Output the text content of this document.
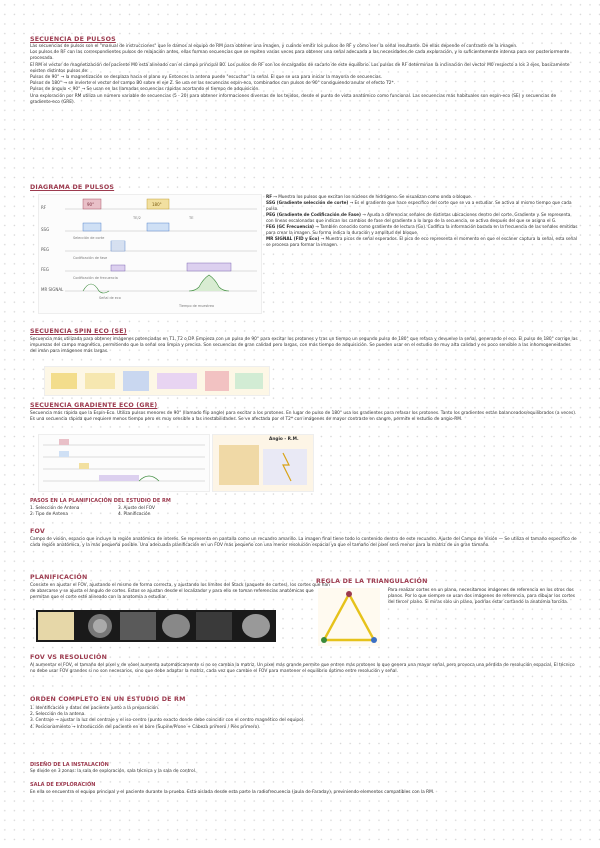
SECUENCIA DE PULSOS

Las secuencias de pulsos son el "manual de instrucciones" que le damos al equipo de RM para obtener una imagen, y cuándo emitir los pulsos de RF y cómo leer la señal resultante. De ellas depende el contraste de la imagen.

Los pulsos de RF con las correspondientes pulsos de relajación antes, ellas forman secuencias que se repiten varias veces para obtener una señal adecuada a las necesidades de cada exploración, y lo suficientemente intensa para ser posteriormente procesada.

El RM el vector de magnetización del paciente M0 está alineado con el campo principal B0. Los pulsos de RF son los encargados de sacarlo de este equilibrio. Los pulsos de RF determinan la inclinación del vector M0 respecto a los 3 ejes, basicamente existen distintos pulsos de:

Pulsos de 90° → la magnetización se desplaza hacia el plano xy. Entonces la antena puede "escuchar" la señal. El que se usa para iniciar la mayoría de secuencias.

Pulsos de 180° → se invierte el vector del campo B0 sobre el eje Z. Se usa en las secuencias espín-eco, combinados con pulsos de 90° consiguiendo anular el efecto T2*.

Pulsos de ángulo < 90° → Se usan en las llamadas secuencias rápidas acortando el tiempo de adquisición.

Una exploración por RM utiliza un número variable de secuencias (5 - 20) para obtener informaciones diversas de los tejidos, desde el punto de vista anatómico como funcional. Las secuencias más habituales son espín-eco (SE) y secuencias de gradiente-eco (GRE).

DIAGRAMA DE PULSOS

RF
SSG
PEG
FEG
MR SIGNAL
90°	180°
TE/2	TE
Selección de corte
Codificación de fase
Codificación de frecuencia
Señal de eco
Tiempo de muestreo

RF → Muestra los pulsos que excitan los núcleos de hidrógeno. Se visualizan como onda o bloque.

SSG (Gradiente selección de corte) → Es el gradiente que hace específico del corte que se va a estudiar. Se activa al mismo tiempo que cada pulso.

PEG (Gradiente de Codificación de Fase) → Ayuda a diferenciar señales de distintas ubicaciones dentro del corte. Gradiente y. Se representa con líneas escalonadas que indican los cambios de fase del gradiente a lo largo de la secuencia, se activa después del que se asigna el G.

FEG (GC Frecuencia) → También conocido como gradiente de lectura (Gx). Codifica la información basada en la frecuencia de las señales emitidas para crear la imagen. Su forma indica la duración y amplitud del bloque.

MR SIGNAL (FID y Eco) → Muestra picos de señal esperados. El pico de eco representa el momento en que el escáner captura la señal, esta señal se procesa para formar la imagen.

SECUENCIA SPIN ECO (SE)

Secuencia más utilizada para obtener imágenes potenciadas en T1, T2 o DP. Empieza con un pulso de 90° para excitar los protones y tras un tiempo un segundo pulso de 180° que refasa y devuelve la señal, generando el eco. El pulso de 180° corrige las impurezas del campo magnético, permitiendo que la señal sea limpia y precisa. Son secuencias de gran calidad pero largas, con más tiempo de adquisición. Se pueden usar en el estudio de muy alta calidad y es poco sensible a las inhomogeneidades del imán para imágenes más largas.

SECUENCIA GRADIENTE ECO (GRE)

Secuencia más rápida que la Espín-Eco. Utiliza pulsos menores de 90° (llamado flip angle) para excitar a los protones. En lugar de pulso de 180° usa los gradientes para refasar los protones. Tanto los gradientes están balanceados/equilibrados (a veces). Es una secuencia rápida que requiere menos tiempo pero es muy sensible a las inestabilidades. Se ve afectada por el T2* con imágenes de mayor contraste en sangre, permite el estudio de angio-RM.

Angio - R.M.

PASOS EN LA PLANIFICACIÓN DEL ESTUDIO DE RM

1. Selección de Antena	3. Ajuste del FOV

2. Tipo de Antena	4. Planificación

FOV

Campo de visión, espacio que incluye la región anatómica de interés. Se representa en pantalla como un recuadro amarillo. La imagen final tiene todo lo contenido dentro de este recuadro. Ajuste del Campo de Visión — Se utiliza el tamaño específico de cada región anatómica, y la más pequeña posible. Una adecuada planificación en un FOV más pequeño con una menor resolución espacial ya que el tamaño del píxel será menor para la matriz de un gran tamaño.

PLANIFICACIÓN

Consiste en ajustar el FOV, ajustando el mismo de forma correcta, y ajustando los límites del Stack (paquete de cortes), los cortes que han de abarcarse y se ajusta el ángulo de cortes. Estos se ajustan desde el localizador y para ello se toman referencias anatómicas que permitan que el corte esté alineado con la anatomía a estudiar.

REGLA DE LA TRIANGULACIÓN

Para realizar cortes en un plano, necesitamos imágenes de referencia en los otros dos planos. Por lo que siempre se usan dos imágenes de referencia, para dibujar los cortes del tercer plano. Si miras solo un plano, podrías estar cortando la anatomía torcida.

FOV VS RESOLUCIÓN

Al aumentar el FOV, el tamaño del píxel y de vóxel aumenta automáticamente si no se cambia la matriz. Un píxel más grande permite que entren más protones lo que genera una mayor señal, pero provoca una pérdida de resolución espacial. El técnico no debe usar FOV grandes si no son necesarios, sino que debe adaptar la matriz, cada vez que cambie el FOV para mantener el equilibrio óptimo entre resolución y señal.

ORDEN COMPLETO EN UN ESTUDIO DE RM

1. Identificación y datos del paciente junto a la preparación.
2. Selección de la antena.
3. Centraje → ajustar la luz del centraje y el iso-centro (punto exacto donde debe coincidir con el centro magnético del equipo).
4. Posicionamiento → Introducción del paciente en el bore (Supine/Prone + Cabeza primero / Pies primero).

DISEÑO DE LA INSTALACIÓN

Se divide en 3 zonas: la sala de exploración, sala técnica y la sala de control.

SALA DE EXPLORACIÓN

En ella se encuentra el equipo principal y el paciente durante la prueba. Está aislada desde esta parte la radiofrecuencia (jaula de Faraday), previniendo elementos compatibles con la RM.
